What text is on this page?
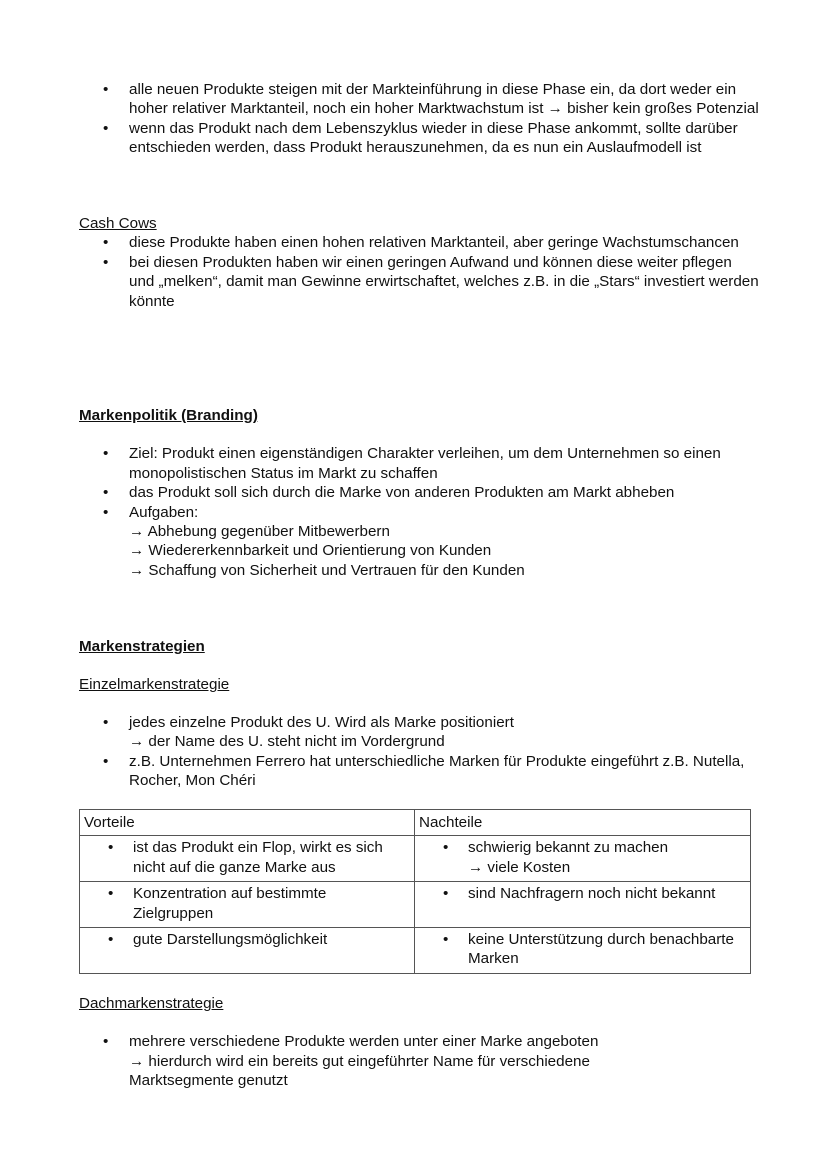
• alle neuen Produkte steigen mit der Markteinführung in diese Phase ein, da dort weder ein hoher relativer Marktanteil, noch ein hoher Marktwachstum ist → bisher kein großes Potenzial
• wenn das Produkt nach dem Lebenszyklus wieder in diese Phase ankommt, sollte darüber entschieden werden, dass Produkt herauszunehmen, da es nun ein Auslaufmodell ist
Cash Cows
• diese Produkte haben einen hohen relativen Marktanteil, aber geringe Wachstumschancen
• bei diesen Produkten haben wir einen geringen Aufwand und können diese weiter pflegen und „melken“, damit man Gewinne erwirtschaftet, welches z.B. in die „Stars“ investiert werden könnte
Markenpolitik (Branding)
• Ziel: Produkt einen eigenständigen Charakter verleihen, um dem Unternehmen so einen monopolistischen Status im Markt zu schaffen
• das Produkt soll sich durch die Marke von anderen Produkten am Markt abheben
• Aufgaben:
→ Abhebung gegenüber Mitbewerbern
→ Wiedererkennbarkeit und Orientierung von Kunden
→ Schaffung von Sicherheit und Vertrauen für den Kunden
Markenstrategien
Einzelmarkenstrategie
• jedes einzelne Produkt des U. Wird als Marke positioniert
→ der Name des U. steht nicht im Vordergrund
• z.B. Unternehmen Ferrero hat unterschiedliche Marken für Produkte eingeführt z.B. Nutella, Rocher, Mon Chéri
Vorteile	Nachteile

• ist das Produkt ein Flop, wirkt es sich nicht auf die ganze Marke aus	• schwierig bekannt zu machen
→ viele Kosten

• Konzentration auf bestimmte Zielgruppen	• sind Nachfragern noch nicht bekannt

• gute Darstellungsmöglichkeit	• keine Unterstützung durch benachbarte Marken
Dachmarkenstrategie
• mehrere verschiedene Produkte werden unter einer Marke angeboten
→ hierdurch wird ein bereits gut eingeführter Name für verschiedene Marktsegmente genutzt
